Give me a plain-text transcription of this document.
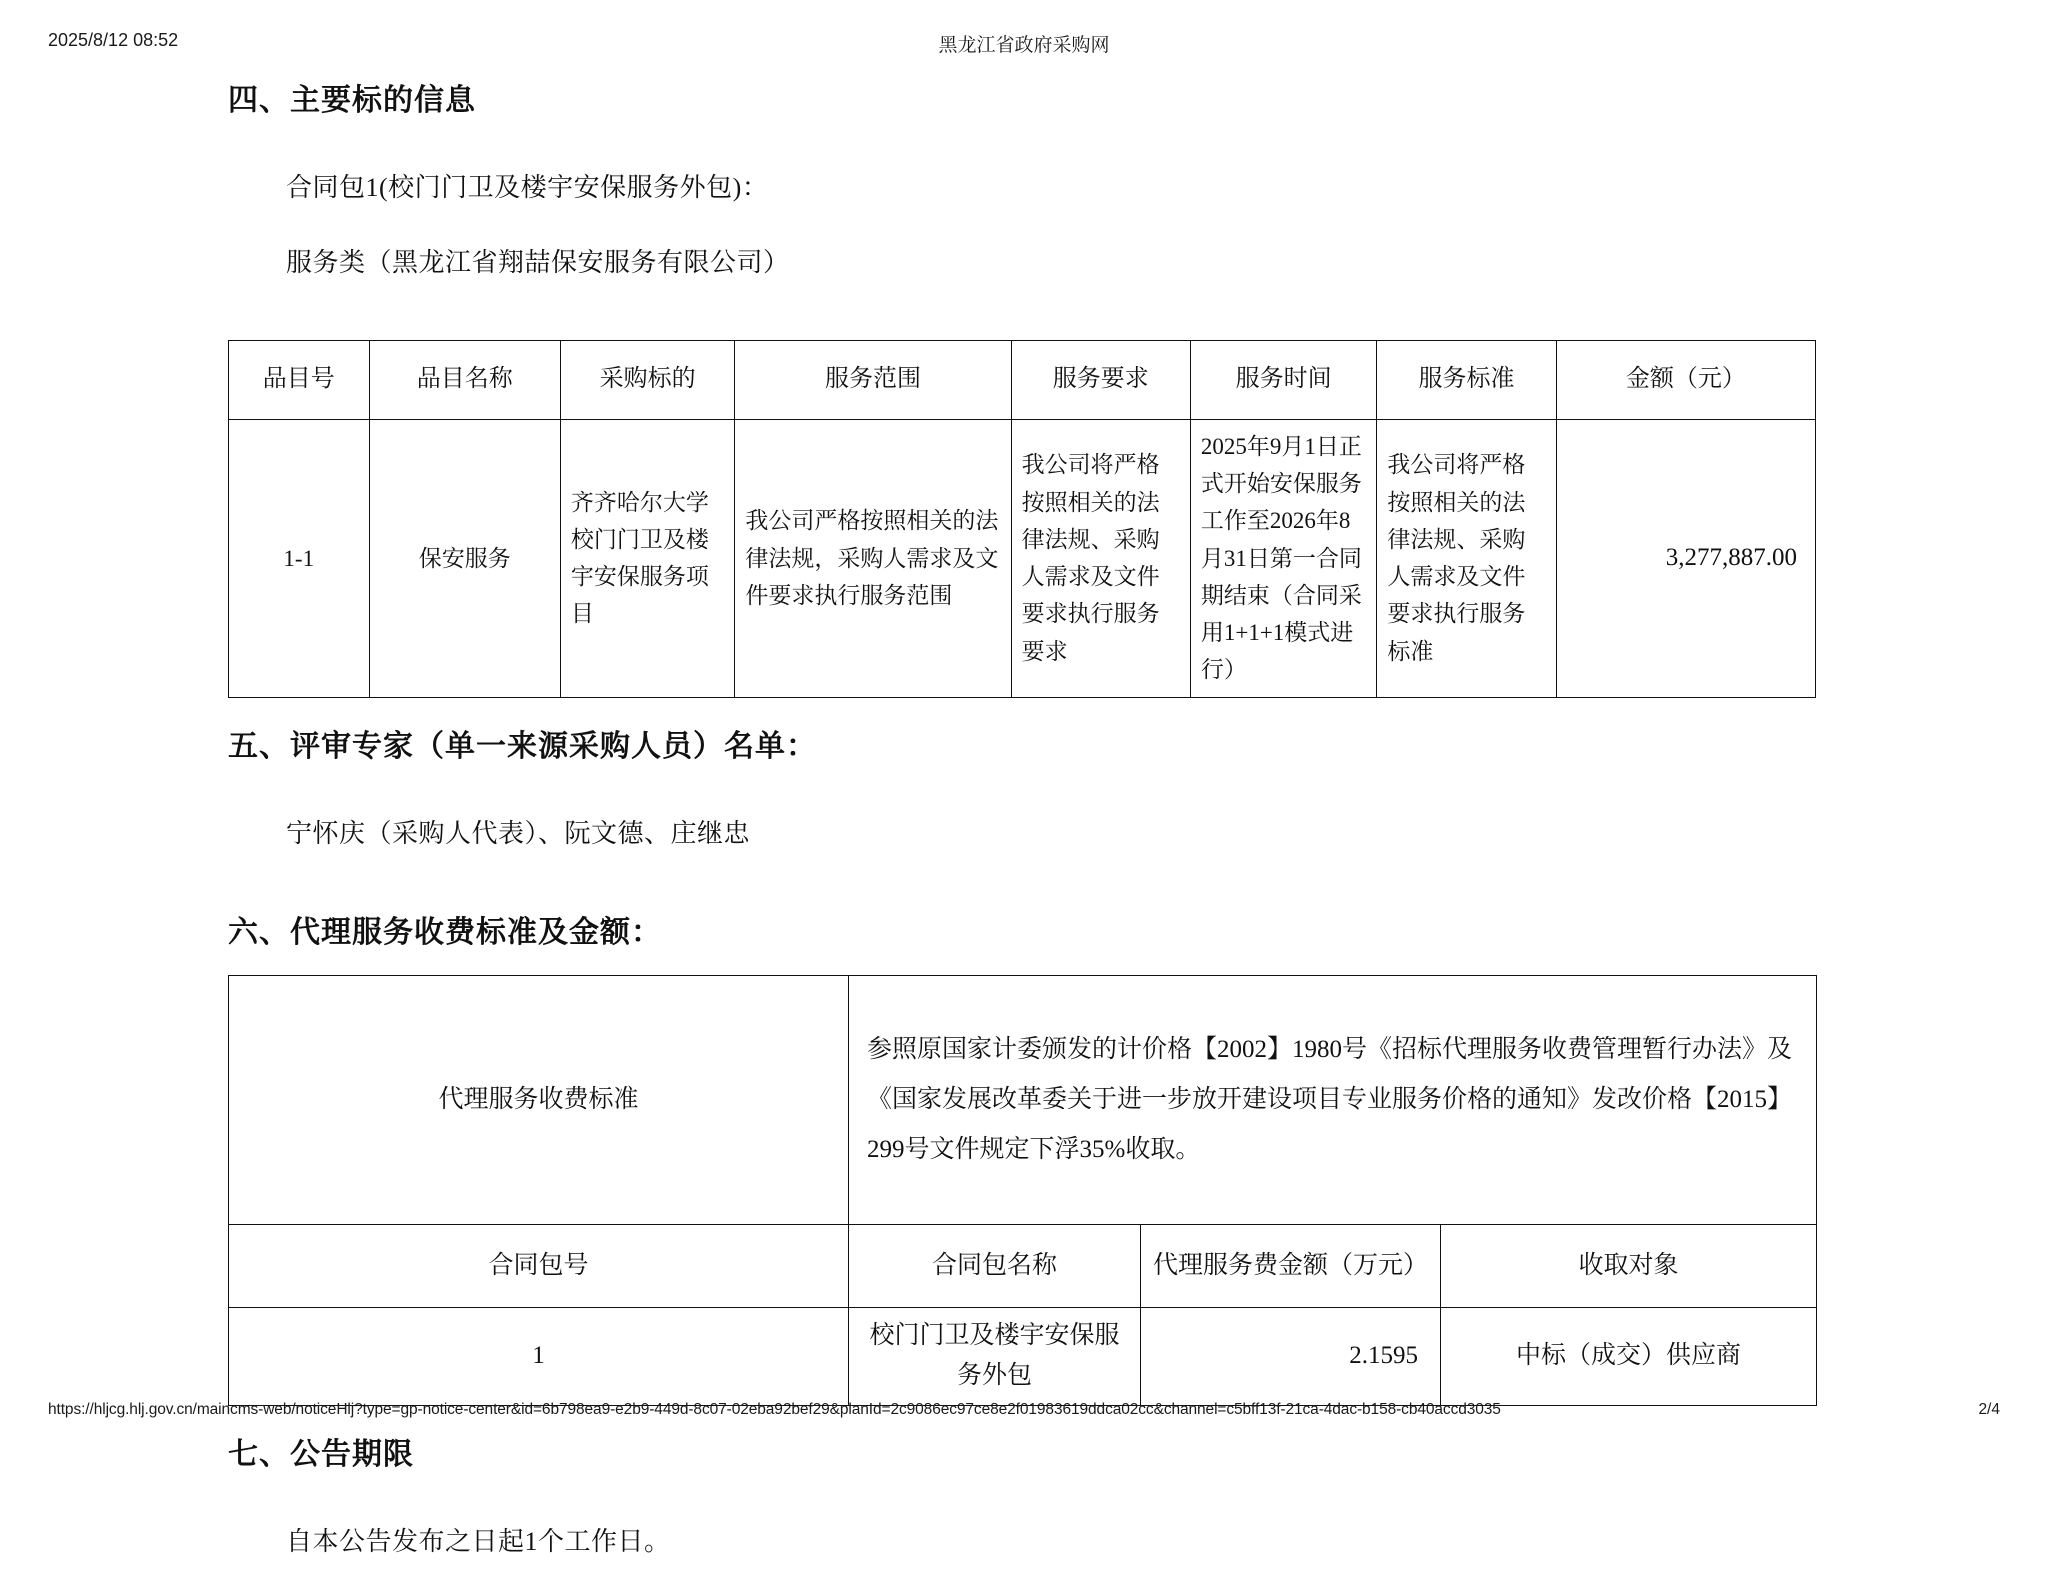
2025/8/12 08:52	黑龙江省政府采购网
四、主要标的信息

合同包1(校门门卫及楼宇安保服务外包)：

服务类（黑龙江省翔喆保安服务有限公司）

品目号	品目名称	采购标的	服务范围	服务要求	服务时间	服务标准	金额（元）
1-1	保安服务	齐齐哈尔大学校门门卫及楼宇安保服务项目	我公司严格按照相关的法律法规，采购人需求及文件要求执行服务范围	我公司将严格按照相关的法律法规、采购人需求及文件要求执行服务要求	2025年9月1日正式开始安保服务工作至2026年8月31日第一合同期结束（合同采用1+1+1模式进行）	我公司将严格按照相关的法律法规、采购人需求及文件要求执行服务标准	3,277,887.00
五、评审专家（单一来源采购人员）名单：

宁怀庆（采购人代表）、阮文德、庄继忠

六、代理服务收费标准及金额：
代理服务收费标准	参照原国家计委颁发的计价格【2002】1980号《招标代理服务收费管理暂行办法》及《国家发展改革委关于进一步放开建设项目专业服务价格的通知》发改价格【2015】299号文件规定下浮35%收取。		
合同包号	合同包名称	代理服务费金额（万元）	收取对象
1	校门门卫及楼宇安保服务外包	2.1595	中标（成交）供应商
七、公告期限

自本公告发布之日起1个工作日。

https://hljcg.hlj.gov.cn/maincms-web/noticeHlj?type=gp-notice-center&id=6b798ea9-e2b9-449d-8c07-02eba92bef29&planId=2c9086ec97ce8e2f01983619ddca02cc&channel=c5bff13f-21ca-4dac-b158-cb40accd3035	2/4
